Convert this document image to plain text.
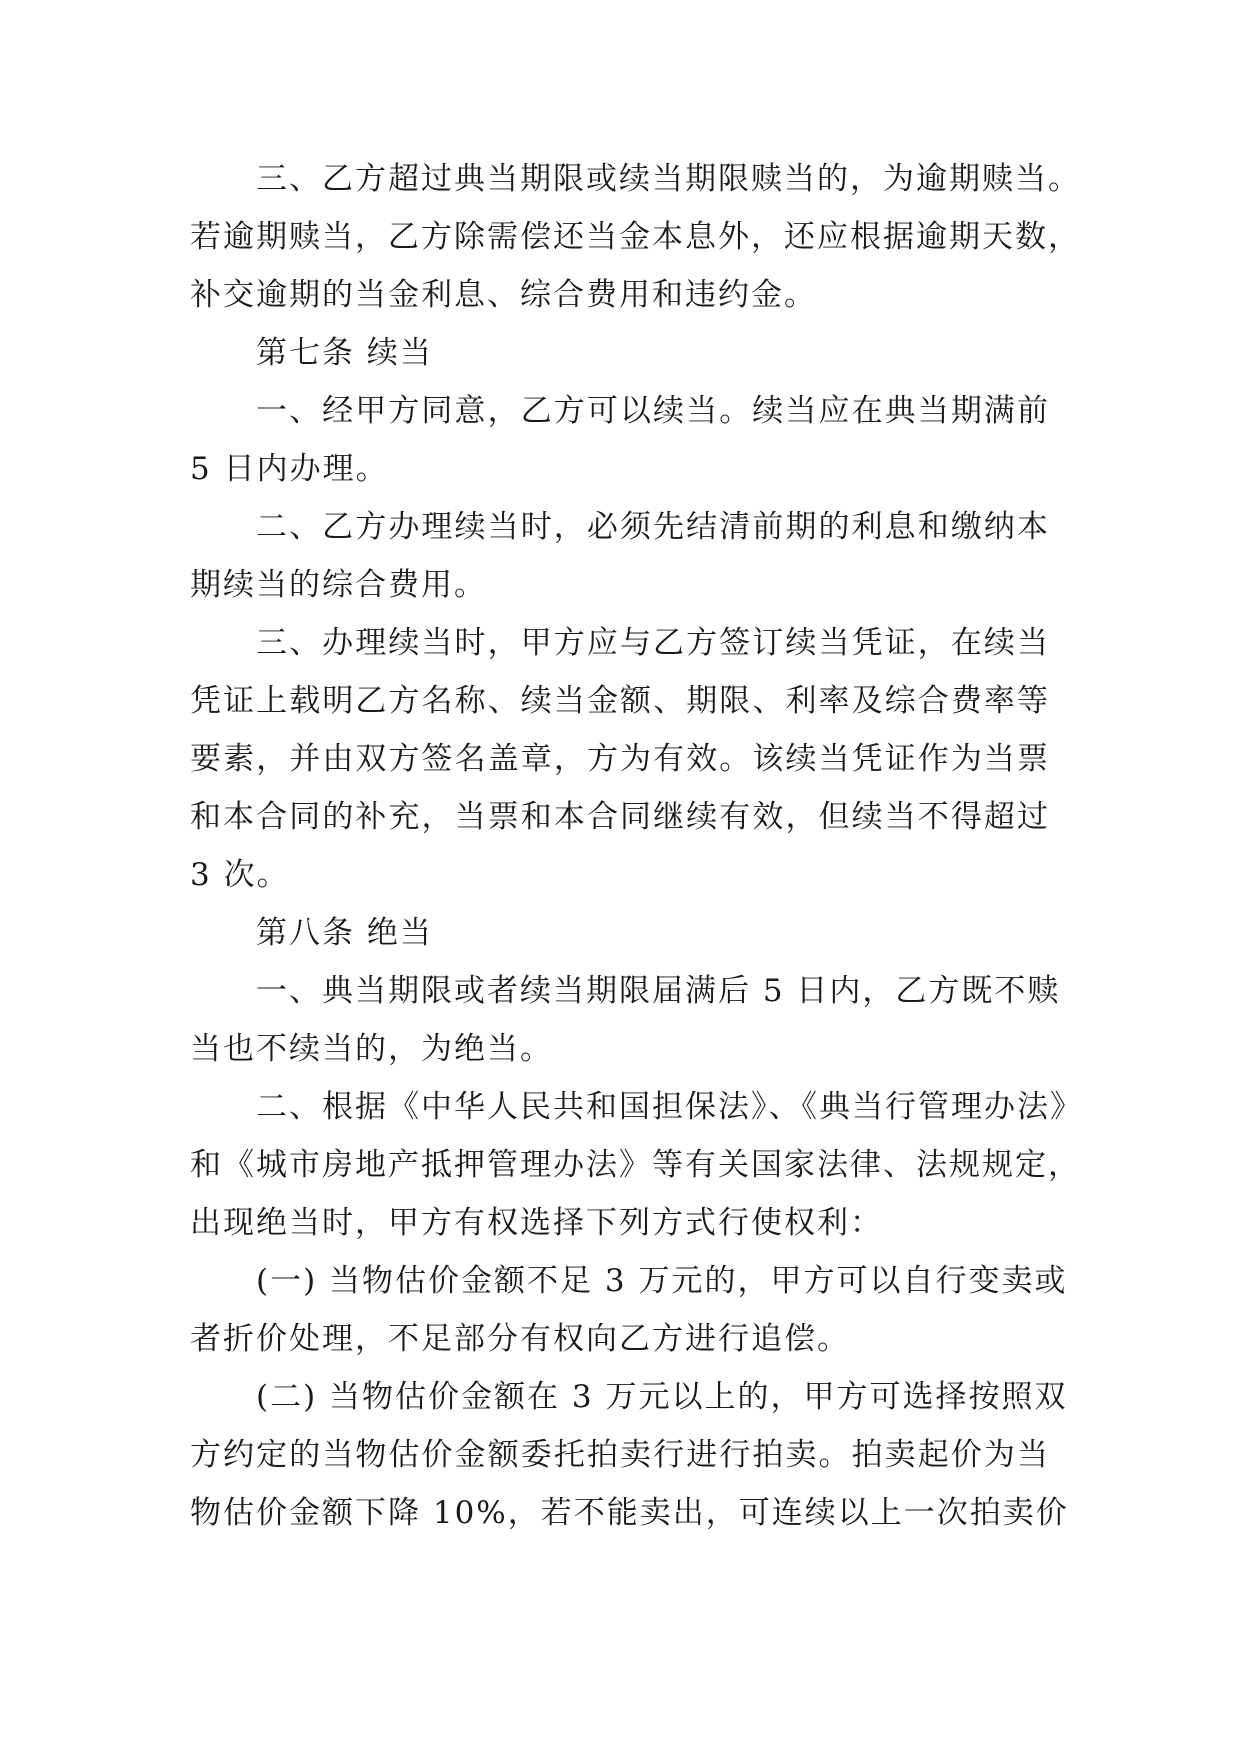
三、乙方超过典当期限或续当期限赎当的，为逾期赎当。
若逾期赎当，乙方除需偿还当金本息外，还应根据逾期天数，
补交逾期的当金利息、综合费用和违约金。
第七条 续当
一、经甲方同意，乙方可以续当。续当应在典当期满前
5 日内办理。
二、乙方办理续当时，必须先结清前期的利息和缴纳本
期续当的综合费用。
三、办理续当时，甲方应与乙方签订续当凭证，在续当
凭证上载明乙方名称、续当金额、期限、利率及综合费率等
要素，并由双方签名盖章，方为有效。该续当凭证作为当票
和本合同的补充，当票和本合同继续有效，但续当不得超过
3 次。
第八条 绝当
一、典当期限或者续当期限届满后 5 日内，乙方既不赎
当也不续当的，为绝当。
二、根据《中华人民共和国担保法》、《典当行管理办法》
和《城市房地产抵押管理办法》等有关国家法律、法规规定，
出现绝当时，甲方有权选择下列方式行使权利：
(一) 当物估价金额不足 3 万元的，甲方可以自行变卖或
者折价处理，不足部分有权向乙方进行追偿。
(二) 当物估价金额在 3 万元以上的，甲方可选择按照双
方约定的当物估价金额委托拍卖行进行拍卖。拍卖起价为当
物估价金额下降 10%，若不能卖出，可连续以上一次拍卖价
